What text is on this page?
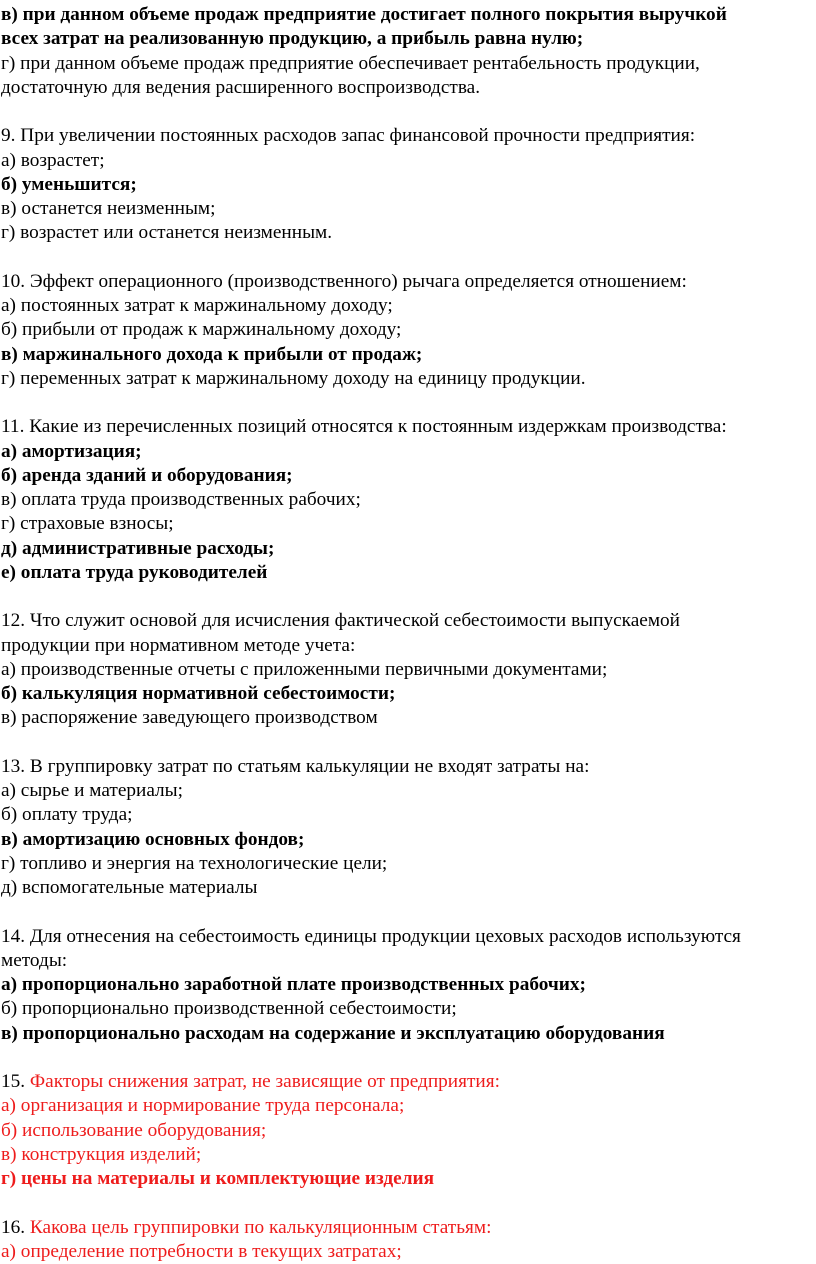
в) при данном объеме продаж предприятие достигает полного покрытия выручкой
всех затрат на реализованную продукцию, а прибыль равна нулю;
г) при данном объеме продаж предприятие обеспечивает рентабельность продукции,
достаточную для ведения расширенного воспроизводства.
9. При увеличении постоянных расходов запас финансовой прочности предприятия:
а) возрастет;
б) уменьшится;
в) останется неизменным;
г) возрастет или останется неизменным.
10. Эффект операционного (производственного) рычага определяется отношением:
а) постоянных затрат к маржинальному доходу;
б) прибыли от продаж к маржинальному доходу;
в) маржинального дохода к прибыли от продаж;
г) переменных затрат к маржинальному доходу на единицу продукции.
11. Какие из перечисленных позиций относятся к постоянным издержкам производства:
а) амортизация;
б) аренда зданий и оборудования;
в) оплата труда производственных рабочих;
г) страховые взносы;
д) административные расходы;
е) оплата труда руководителей
12. Что служит основой для исчисления фактической себестоимости выпускаемой
продукции при нормативном методе учета:
а) производственные отчеты с приложенными первичными документами;
б) калькуляция нормативной себестоимости;
в) распоряжение заведующего производством
13. В группировку затрат по статьям калькуляции не входят затраты на:
а) сырье и материалы;
б) оплату труда;
в) амортизацию основных фондов;
г) топливо и энергия на технологические цели;
д) вспомогательные материалы
14. Для отнесения на себестоимость единицы продукции цеховых расходов используются
методы:
а) пропорционально заработной плате производственных рабочих;
б) пропорционально производственной себестоимости;
в) пропорционально расходам на содержание и эксплуатацию оборудования
15. Факторы снижения затрат, не зависящие от предприятия:
а) организация и нормирование труда персонала;
б) использование оборудования;
в) конструкция изделий;
г) цены на материалы и комплектующие изделия
16. Какова цель группировки по калькуляционным статьям:
а) определение потребности в текущих затратах;
